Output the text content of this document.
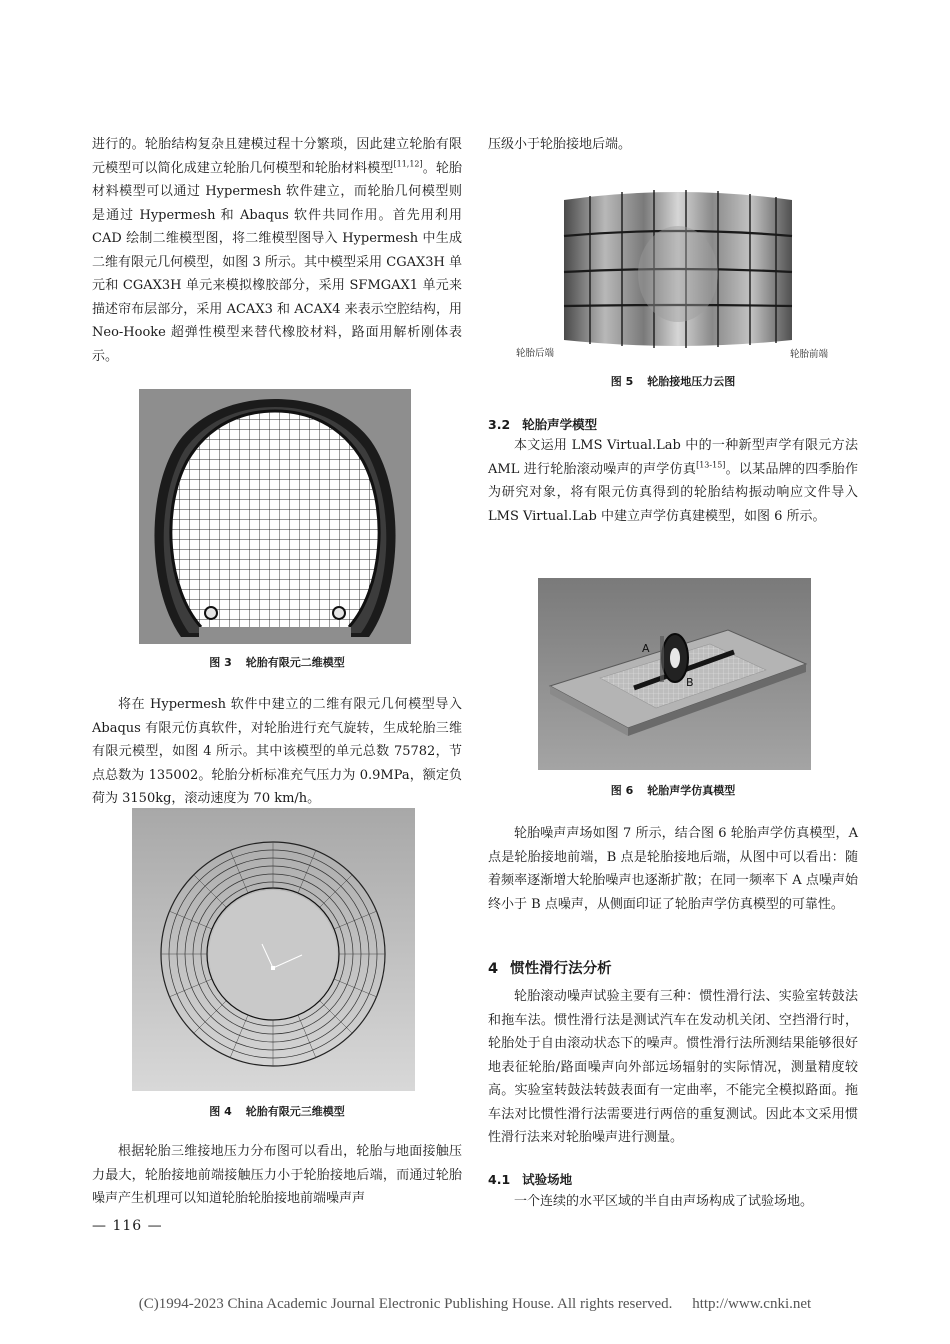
进行的。轮胎结构复杂且建模过程十分繁琐，因此建立轮胎有限元模型可以简化成建立轮胎几何模型和轮胎材料模型[11,12]。轮胎材料模型可以通过 Hypermesh 软件建立，而轮胎几何模型则是通过 Hypermesh 和 Abaqus 软件共同作用。首先用利用 CAD 绘制二维模型图，将二维模型图导入 Hypermesh 中生成二维有限元几何模型，如图 3 所示。其中模型采用 CGAX3H 单元和 CGAX3H 单元来模拟橡胶部分，采用 SFMGAX1 单元来描述帘布层部分，采用 ACAX3 和 ACAX4 来表示空腔结构，用 Neo-Hooke 超弹性模型来替代橡胶材料，路面用解析刚体表示。

图 3 轮胎有限元二维模型

将在 Hypermesh 软件中建立的二维有限元几何模型导入 Abaqus 有限元仿真软件，对轮胎进行充气旋转，生成轮胎三维有限元模型，如图 4 所示。其中该模型的单元总数 75782，节点总数为 135002。轮胎分析标准充气压力为 0.9MPa，额定负荷为 3150kg，滚动速度为 70 km/h。

图 4 轮胎有限元三维模型

根据轮胎三维接地压力分布图可以看出，轮胎与地面接触压力最大，轮胎接地前端接触压力小于轮胎接地后端，而通过轮胎噪声产生机理可以知道轮胎轮胎接地前端噪声声

压级小于轮胎接地后端。

轮胎后端	轮胎前端
图 5 轮胎接地压力云图
3.2 轮胎声学模型

本文运用 LMS Virtual.Lab 中的一种新型声学有限元方法 AML 进行轮胎滚动噪声的声学仿真[13-15]。以某品牌的四季胎作为研究对象，将有限元仿真得到的轮胎结构振动响应文件导入 LMS Virtual.Lab 中建立声学仿真建模型，如图 6 所示。

A
B
图 6 轮胎声学仿真模型

轮胎噪声声场如图 7 所示，结合图 6 轮胎声学仿真模型，A 点是轮胎接地前端，B 点是轮胎接地后端，从图中可以看出：随着频率逐渐增大轮胎噪声也逐渐扩散；在同一频率下 A 点噪声始终小于 B 点噪声，从侧面印证了轮胎声学仿真模型的可靠性。

4 惯性滑行法分析

轮胎滚动噪声试验主要有三种：惯性滑行法、实验室转鼓法和拖车法。惯性滑行法是测试汽车在发动机关闭、空挡滑行时，轮胎处于自由滚动状态下的噪声。惯性滑行法所测结果能够很好地表征轮胎/路面噪声向外部远场辐射的实际情况，测量精度较高。实验室转鼓法转鼓表面有一定曲率，不能完全模拟路面。拖车法对比惯性滑行法需要进行两倍的重复测试。因此本文采用惯性滑行法来对轮胎噪声进行测量。

4.1 试验场地

一个连续的水平区域的半自由声场构成了试验场地。

— 116 —
(C)1994-2023 China Academic Journal Electronic Publishing House. All rights reserved. http://www.cnki.net
